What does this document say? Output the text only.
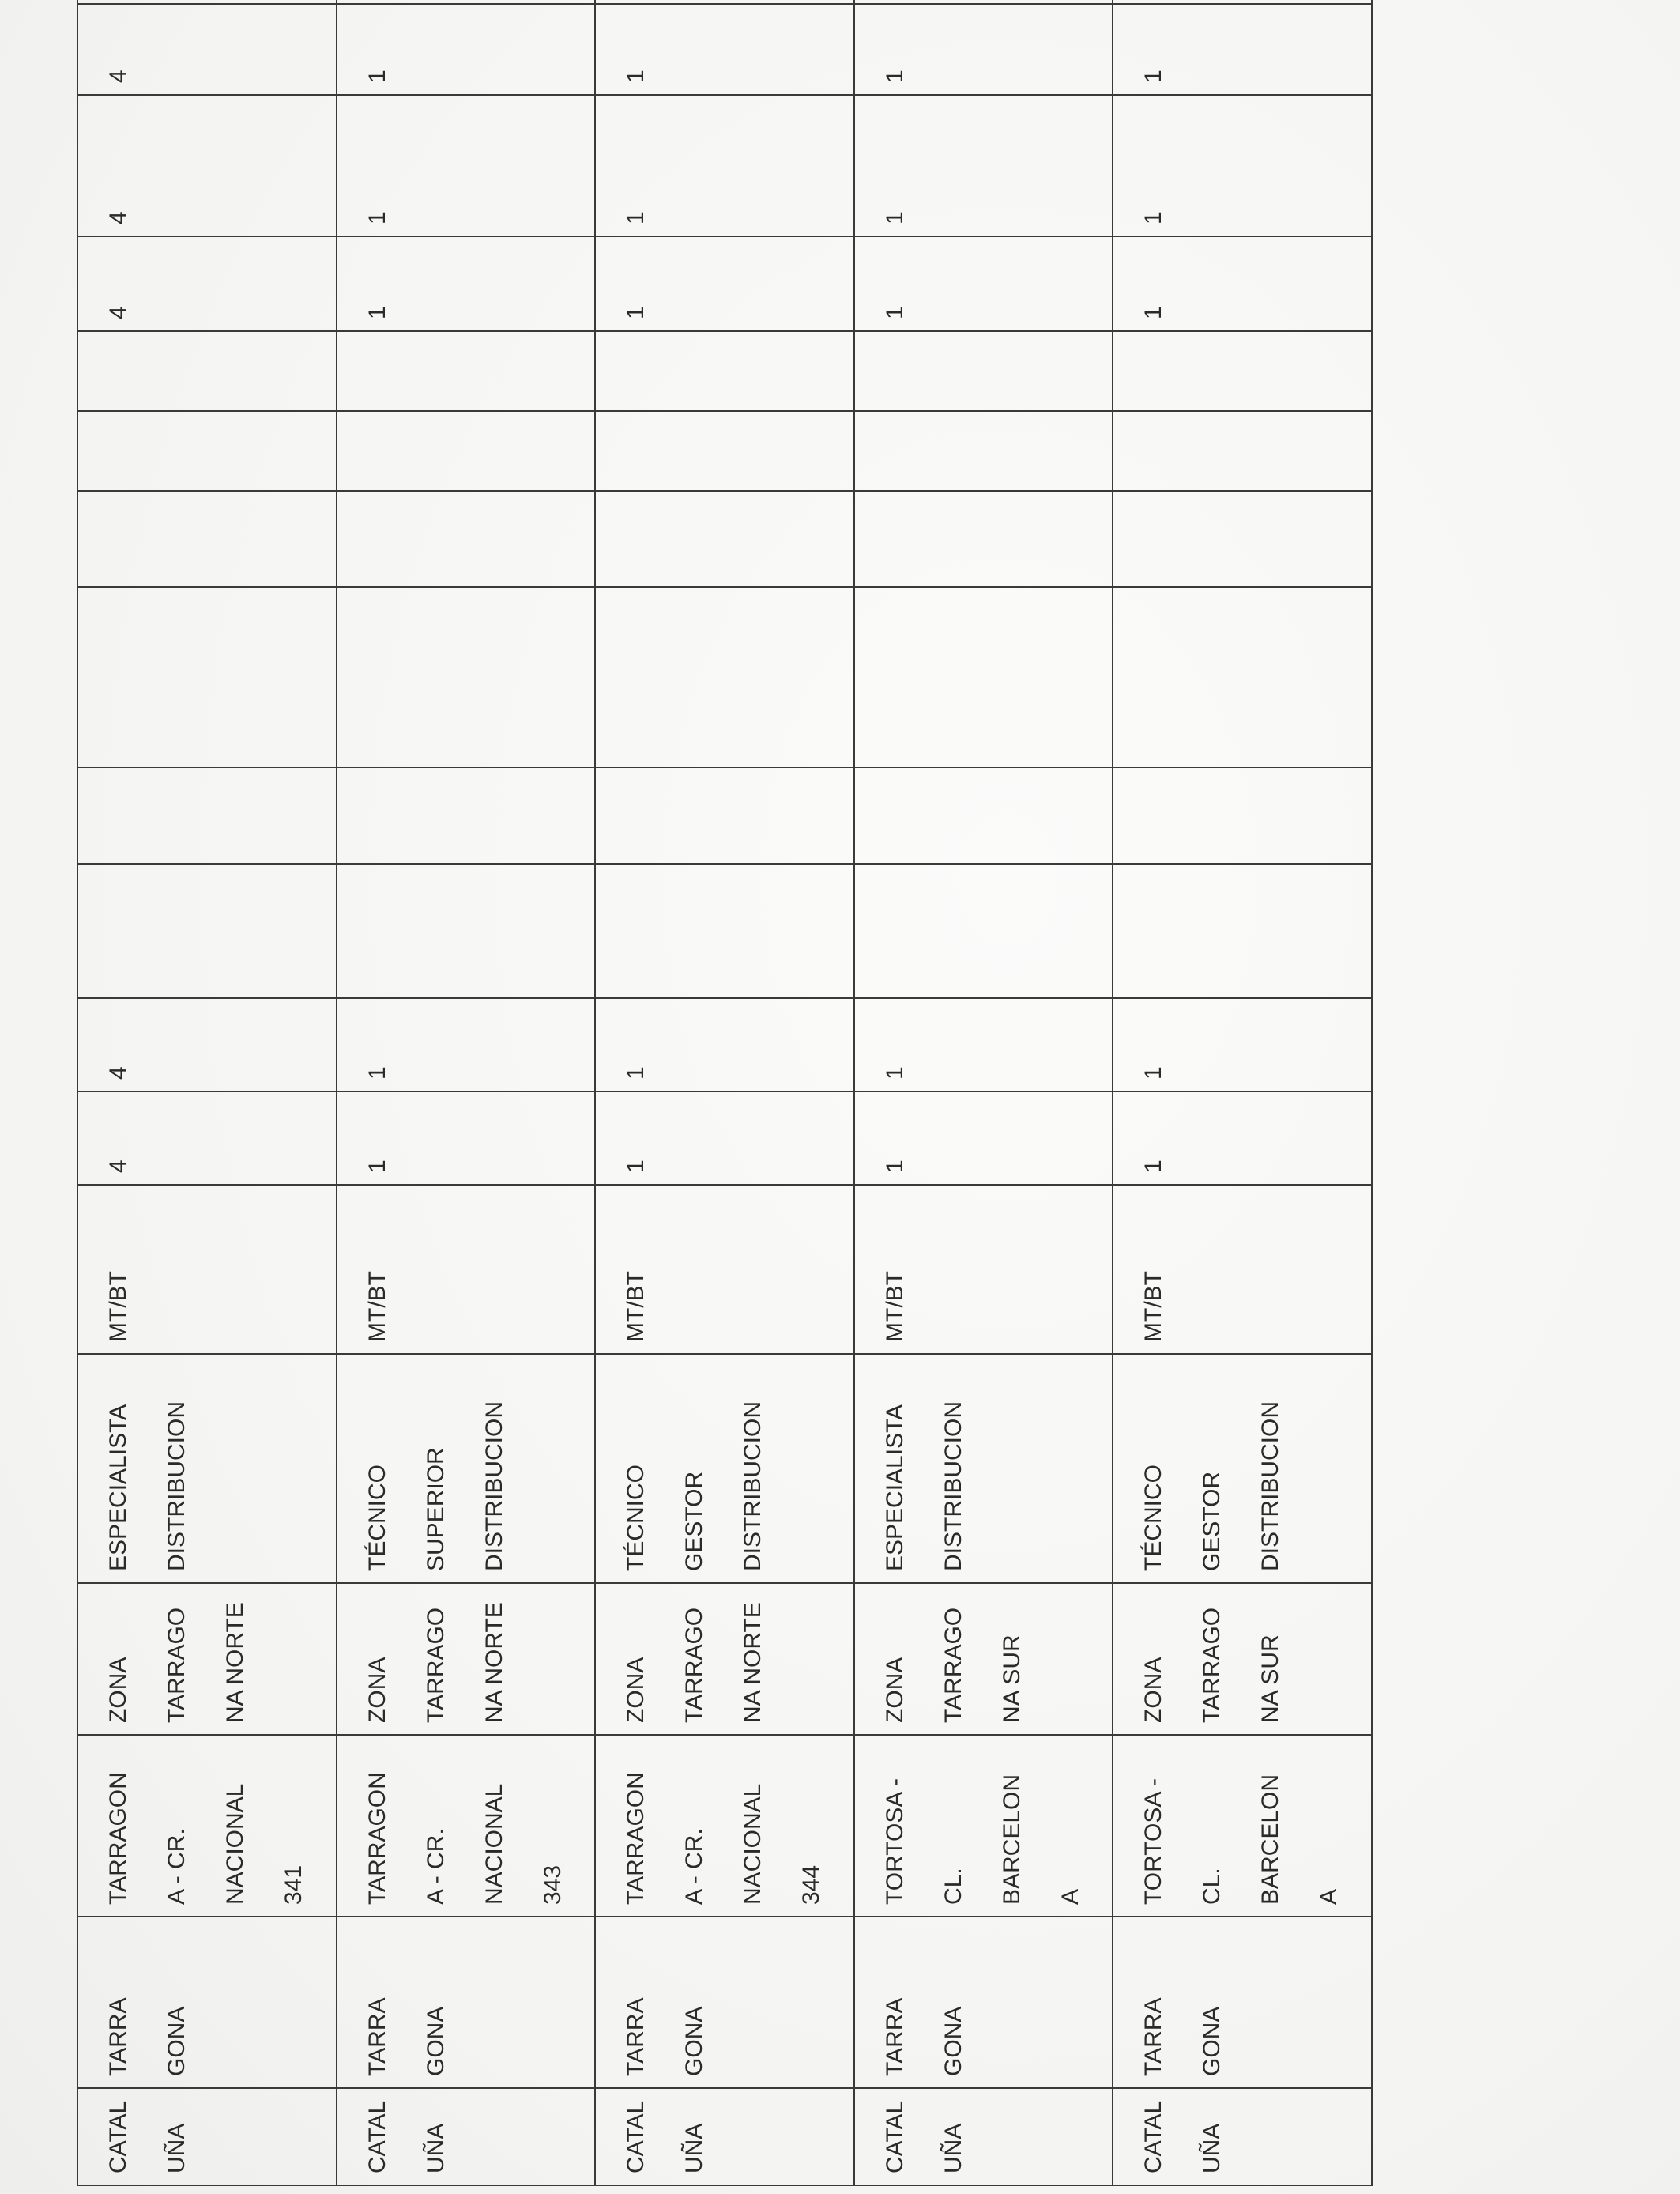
CATAL UÑA	TARRA GONA	TARRAGON A - CR. NACIONAL 341	ZONA TARRAGO NA NORTE	ESPECIALISTA DISTRIBUCION	MT/BT	4	4							4	4	4	

CATAL UÑA	TARRA GONA	TARRAGON A - CR. NACIONAL 343	ZONA TARRAGO NA NORTE	TÉCNICO SUPERIOR DISTRIBUCION	MT/BT	1	1							1	1	1	

CATAL UÑA	TARRA GONA	TARRAGON A - CR. NACIONAL 344	ZONA TARRAGO NA NORTE	TÉCNICO GESTOR DISTRIBUCION	MT/BT	1	1							1	1	1	

CATAL UÑA	TARRA GONA	TORTOSA - CL. BARCELON A	ZONA TARRAGO NA SUR	ESPECIALISTA DISTRIBUCION	MT/BT	1	1							1	1	1	

CATAL UÑA	TARRA GONA	TORTOSA - CL. BARCELON A	ZONA TARRAGO NA SUR	TÉCNICO GESTOR DISTRIBUCION	MT/BT	1	1							1	1	1	
